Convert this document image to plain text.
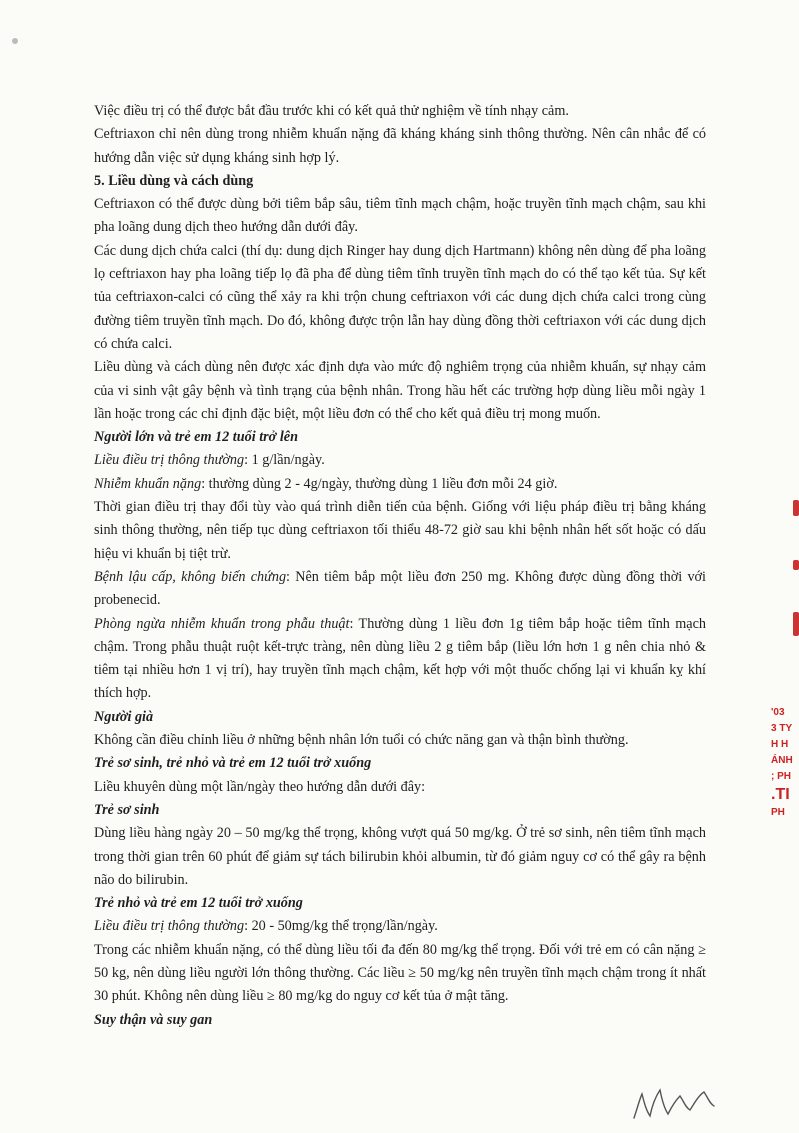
Việc điều trị có thể được bắt đầu trước khi có kết quả thử nghiệm về tính nhạy cảm.

Ceftriaxon chỉ nên dùng trong nhiễm khuẩn nặng đã kháng kháng sinh thông thường. Nên cân nhắc để có hướng dẫn việc sử dụng kháng sinh hợp lý.

5. Liều dùng và cách dùng

Ceftriaxon có thể được dùng bởi tiêm bắp sâu, tiêm tĩnh mạch chậm, hoặc truyền tĩnh mạch chậm, sau khi pha loãng dung dịch theo hướng dẫn dưới đây.

Các dung dịch chứa calci (thí dụ: dung dịch Ringer hay dung dịch Hartmann) không nên dùng để pha loãng lọ ceftriaxon hay pha loãng tiếp lọ đã pha để dùng tiêm tĩnh truyền tĩnh mạch do có thể tạo kết tủa. Sự kết tủa ceftriaxon-calci có cũng thể xảy ra khi trộn chung ceftriaxon với các dung dịch chứa calci trong cùng đường tiêm truyền tĩnh mạch. Do đó, không được trộn lẫn hay dùng đồng thời ceftriaxon với các dung dịch có chứa calci.

Liều dùng và cách dùng nên được xác định dựa vào mức độ nghiêm trọng của nhiễm khuẩn, sự nhạy cảm của vi sinh vật gây bệnh và tình trạng của bệnh nhân. Trong hầu hết các trường hợp dùng liều mỗi ngày 1 lần hoặc trong các chỉ định đặc biệt, một liều đơn có thể cho kết quả điều trị mong muốn.

Người lớn và trẻ em 12 tuổi trở lên

Liều điều trị thông thường: 1 g/lần/ngày.

Nhiễm khuẩn nặng: thường dùng 2 - 4g/ngày, thường dùng 1 liều đơn mỗi 24 giờ.

Thời gian điều trị thay đổi tùy vào quá trình diễn tiến của bệnh. Giống với liệu pháp điều trị bằng kháng sinh thông thường, nên tiếp tục dùng ceftriaxon tối thiểu 48-72 giờ sau khi bệnh nhân hết sốt hoặc có dấu hiệu vi khuẩn bị tiệt trừ.

Bệnh lậu cấp, không biến chứng: Nên tiêm bắp một liều đơn 250 mg. Không được dùng đồng thời với probenecid.

Phòng ngừa nhiễm khuẩn trong phẫu thuật: Thường dùng 1 liều đơn 1g tiêm bắp hoặc tiêm tĩnh mạch chậm. Trong phẫu thuật ruột kết-trực tràng, nên dùng liều 2 g tiêm bắp (liều lớn hơn 1 g nên chia nhỏ & tiêm tại nhiều hơn 1 vị trí), hay truyền tĩnh mạch chậm, kết hợp với một thuốc chống lại vi khuẩn kỵ khí thích hợp.

Người già

Không cần điều chỉnh liều ở những bệnh nhân lớn tuổi có chức năng gan và thận bình thường.

Trẻ sơ sinh, trẻ nhỏ và trẻ em 12 tuổi trở xuống

Liều khuyên dùng một lần/ngày theo hướng dẫn dưới đây:

Trẻ sơ sinh

Dùng liều hàng ngày 20 – 50 mg/kg thể trọng, không vượt quá 50 mg/kg. Ở trẻ sơ sinh, nên tiêm tĩnh mạch trong thời gian trên 60 phút để giảm sự tách bilirubin khỏi albumin, từ đó giảm nguy cơ có thể gây ra bệnh não do bilirubin.

Trẻ nhỏ và trẻ em 12 tuổi trở xuống

Liều điều trị thông thường: 20 - 50mg/kg thể trọng/lần/ngày.

Trong các nhiễm khuẩn nặng, có thể dùng liều tối đa đến 80 mg/kg thể trọng. Đối với trẻ em có cân nặng ≥ 50 kg, nên dùng liều người lớn thông thường. Các liều ≥ 50 mg/kg nên truyền tĩnh mạch chậm trong ít nhất 30 phút. Không nên dùng liều ≥ 80 mg/kg do nguy cơ kết tủa ở mật tăng.

Suy thận và suy gan

'03
3 TY
H H
ÁNH
; PH
.TI
PH
